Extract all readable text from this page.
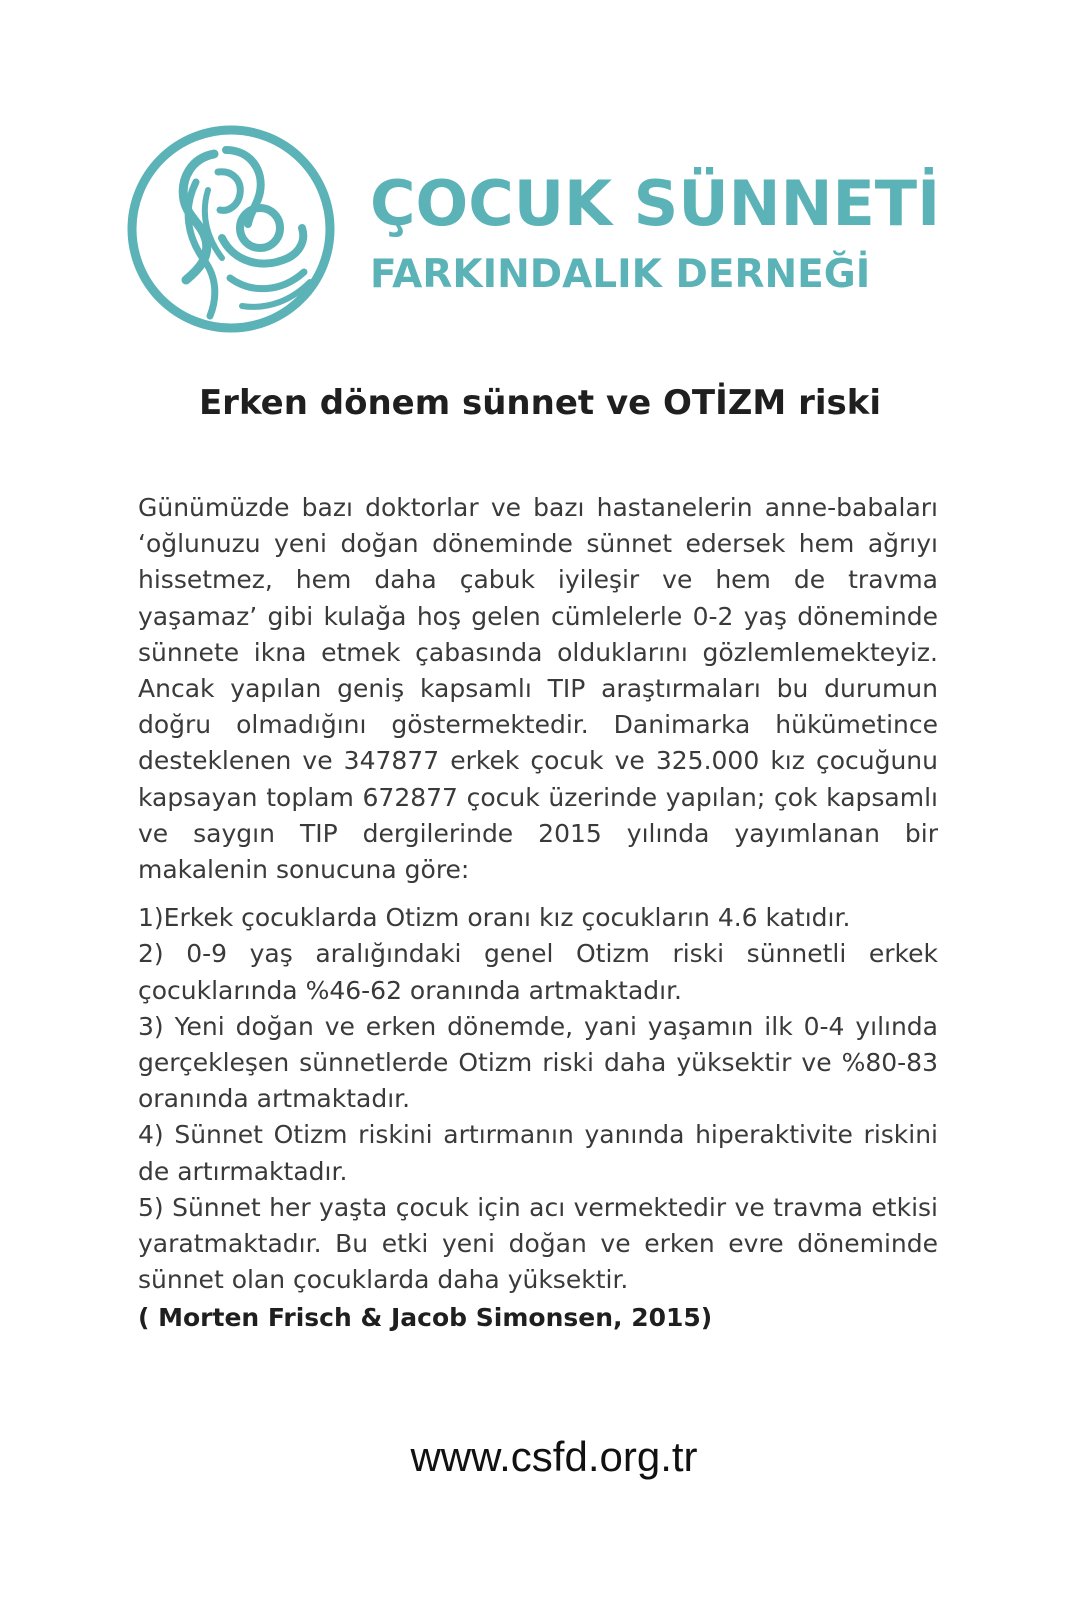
ÇOCUK SÜNNETİ
FARKINDALIK DERNEĞİ
Erken dönem sünnet ve OTİZM riski

Günümüzde bazı doktorlar ve bazı hastanelerin anne-babaları ‘oğlunuzu yeni doğan döneminde sünnet edersek hem ağrıyı hissetmez, hem daha çabuk iyileşir ve hem de travma yaşamaz’ gibi kulağa hoş gelen cümlelerle 0-2 yaş döneminde sünnete ikna etmek çabasında olduklarını gözlemlemekteyiz. Ancak yapılan geniş kapsamlı TIP araştırmaları bu durumun doğru olmadığını göstermektedir. Danimarka hükümetince desteklenen ve 347877 erkek çocuk ve 325.000 kız çocuğunu kapsayan toplam 672877 çocuk üzerinde yapılan; çok kapsamlı ve saygın TIP dergilerinde 2015 yılında yayımlanan bir makalenin sonucuna göre:

1)Erkek çocuklarda Otizm oranı kız çocukların 4.6 katıdır.

2) 0-9 yaş aralığındaki genel Otizm riski sünnetli erkek çocuklarında %46-62 oranında artmaktadır.

3) Yeni doğan ve erken dönemde, yani yaşamın ilk 0-4 yılında gerçekleşen sünnetlerde Otizm riski daha yüksektir ve %80-83 oranında artmaktadır.

4) Sünnet Otizm riskini artırmanın yanında hiperaktivite riskini de artırmaktadır.

5) Sünnet her yaşta çocuk için acı vermektedir ve travma etkisi yaratmaktadır. Bu etki yeni doğan ve erken evre döneminde sünnet olan çocuklarda daha yüksektir.

( Morten Frisch & Jacob Simonsen, 2015)

www.csfd.org.tr
